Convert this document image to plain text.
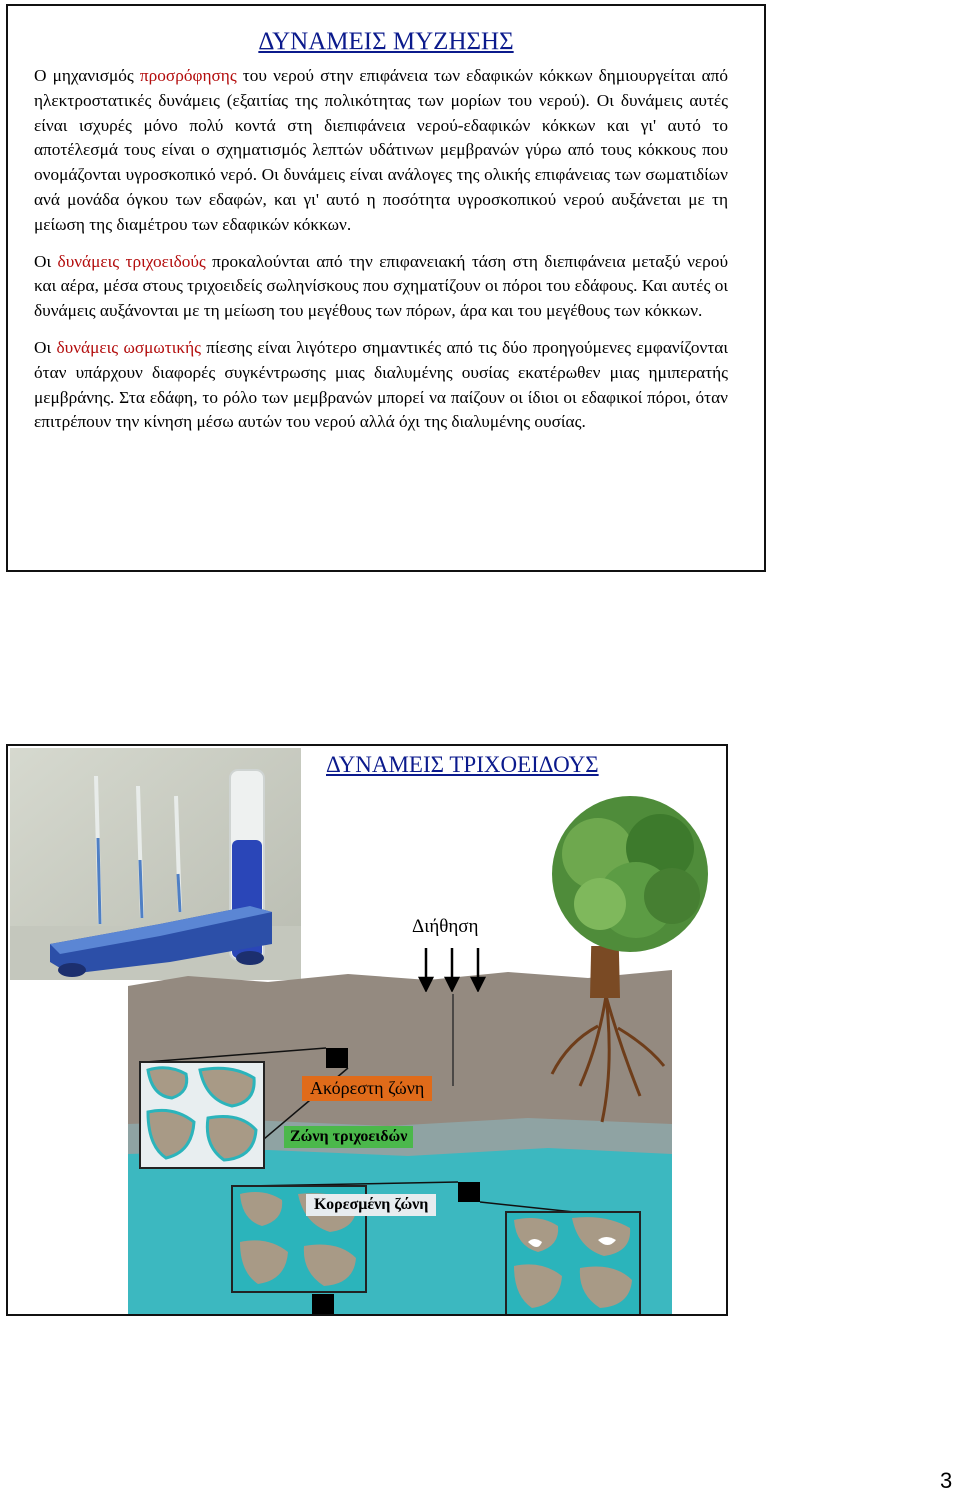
ΔΥΝΑΜΕΙΣ ΜΥΖΗΣΗΣ

Ο μηχανισμός προσρόφησης του νερού στην επιφάνεια των εδαφικών κόκκων δημιουργείται από ηλεκτροστατικές δυνάμεις (εξαιτίας της πολικότητας των μορίων του νερού). Οι δυνάμεις αυτές είναι ισχυρές μόνο πολύ κοντά στη διεπιφάνεια νερού-εδαφικών κόκκων και γι' αυτό το αποτέλεσμά τους είναι ο σχηματισμός λεπτών υδάτινων μεμβρανών γύρω από τους κόκκους που ονομάζονται υγροσκοπικό νερό. Οι δυνάμεις είναι ανάλογες της ολικής επιφάνειας των σωματιδίων ανά μονάδα όγκου των εδαφών, και γι' αυτό η ποσότητα υγροσκοπικού νερού αυξάνεται με τη μείωση της διαμέτρου των εδαφικών κόκκων.

Οι δυνάμεις τριχοειδούς προκαλούνται από την επιφανειακή τάση στη διεπιφάνεια μεταξύ νερού και αέρα, μέσα στους τριχοειδείς σωληνίσκους που σχηματίζουν οι πόροι του εδάφους. Και αυτές οι δυνάμεις αυξάνονται με τη μείωση του μεγέθους των πόρων, άρα και του μεγέθους των κόκκων.

Οι δυνάμεις ωσμωτικής πίεσης είναι λιγότερο σημαντικές από τις δύο προηγούμενες εμφανίζονται όταν υπάρχουν διαφορές συγκέντρωσης μιας διαλυμένης ουσίας εκατέρωθεν μιας ημιπερατής μεμβράνης. Στα εδάφη, το ρόλο των μεμβρανών μπορεί να παίζουν οι ίδιοι οι εδαφικοί πόροι, όταν επιτρέπουν την κίνηση μέσω αυτών του νερού αλλά όχι της διαλυμένης ουσίας.

ΔΥΝΑΜΕΙΣ ΤΡΙΧΟΕΙΔΟΥΣ
Διήθηση
Ακόρεστη ζώνη
Ζώνη τριχοειδών
Κορεσμένη ζώνη
3
